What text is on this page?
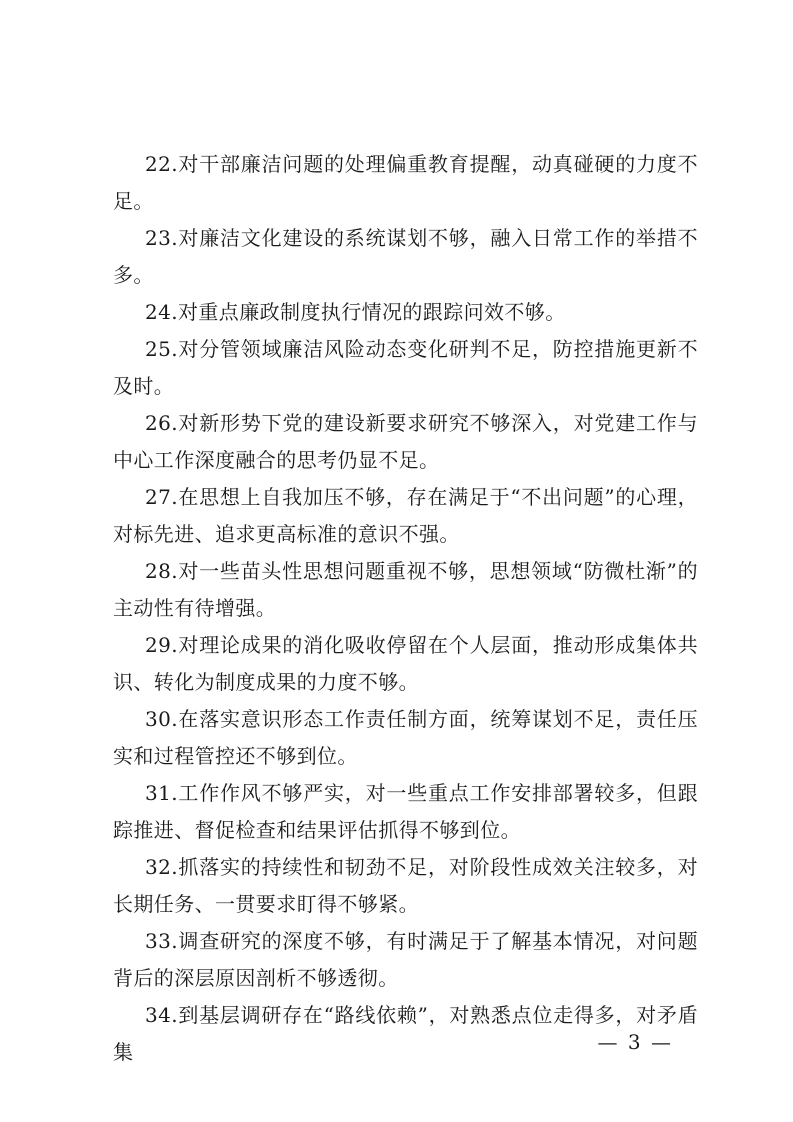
22.对干部廉洁问题的处理偏重教育提醒，动真碰硬的力度不足。

23.对廉洁文化建设的系统谋划不够，融入日常工作的举措不多。

24.对重点廉政制度执行情况的跟踪问效不够。

25.对分管领域廉洁风险动态变化研判不足，防控措施更新不及时。

26.对新形势下党的建设新要求研究不够深入，对党建工作与中心工作深度融合的思考仍显不足。

27.在思想上自我加压不够，存在满足于“不出问题”的心理，对标先进、追求更高标准的意识不强。

28.对一些苗头性思想问题重视不够，思想领域“防微杜渐”的主动性有待增强。

29.对理论成果的消化吸收停留在个人层面，推动形成集体共识、转化为制度成果的力度不够。

30.在落实意识形态工作责任制方面，统筹谋划不足，责任压实和过程管控还不够到位。

31.工作作风不够严实，对一些重点工作安排部署较多，但跟踪推进、督促检查和结果评估抓得不够到位。

32.抓落实的持续性和韧劲不足，对阶段性成效关注较多，对长期任务、一贯要求盯得不够紧。

33.调查研究的深度不够，有时满足于了解基本情况，对问题背后的深层原因剖析不够透彻。

34.到基层调研存在“路线依赖”，对熟悉点位走得多，对矛盾集	— 3 —
